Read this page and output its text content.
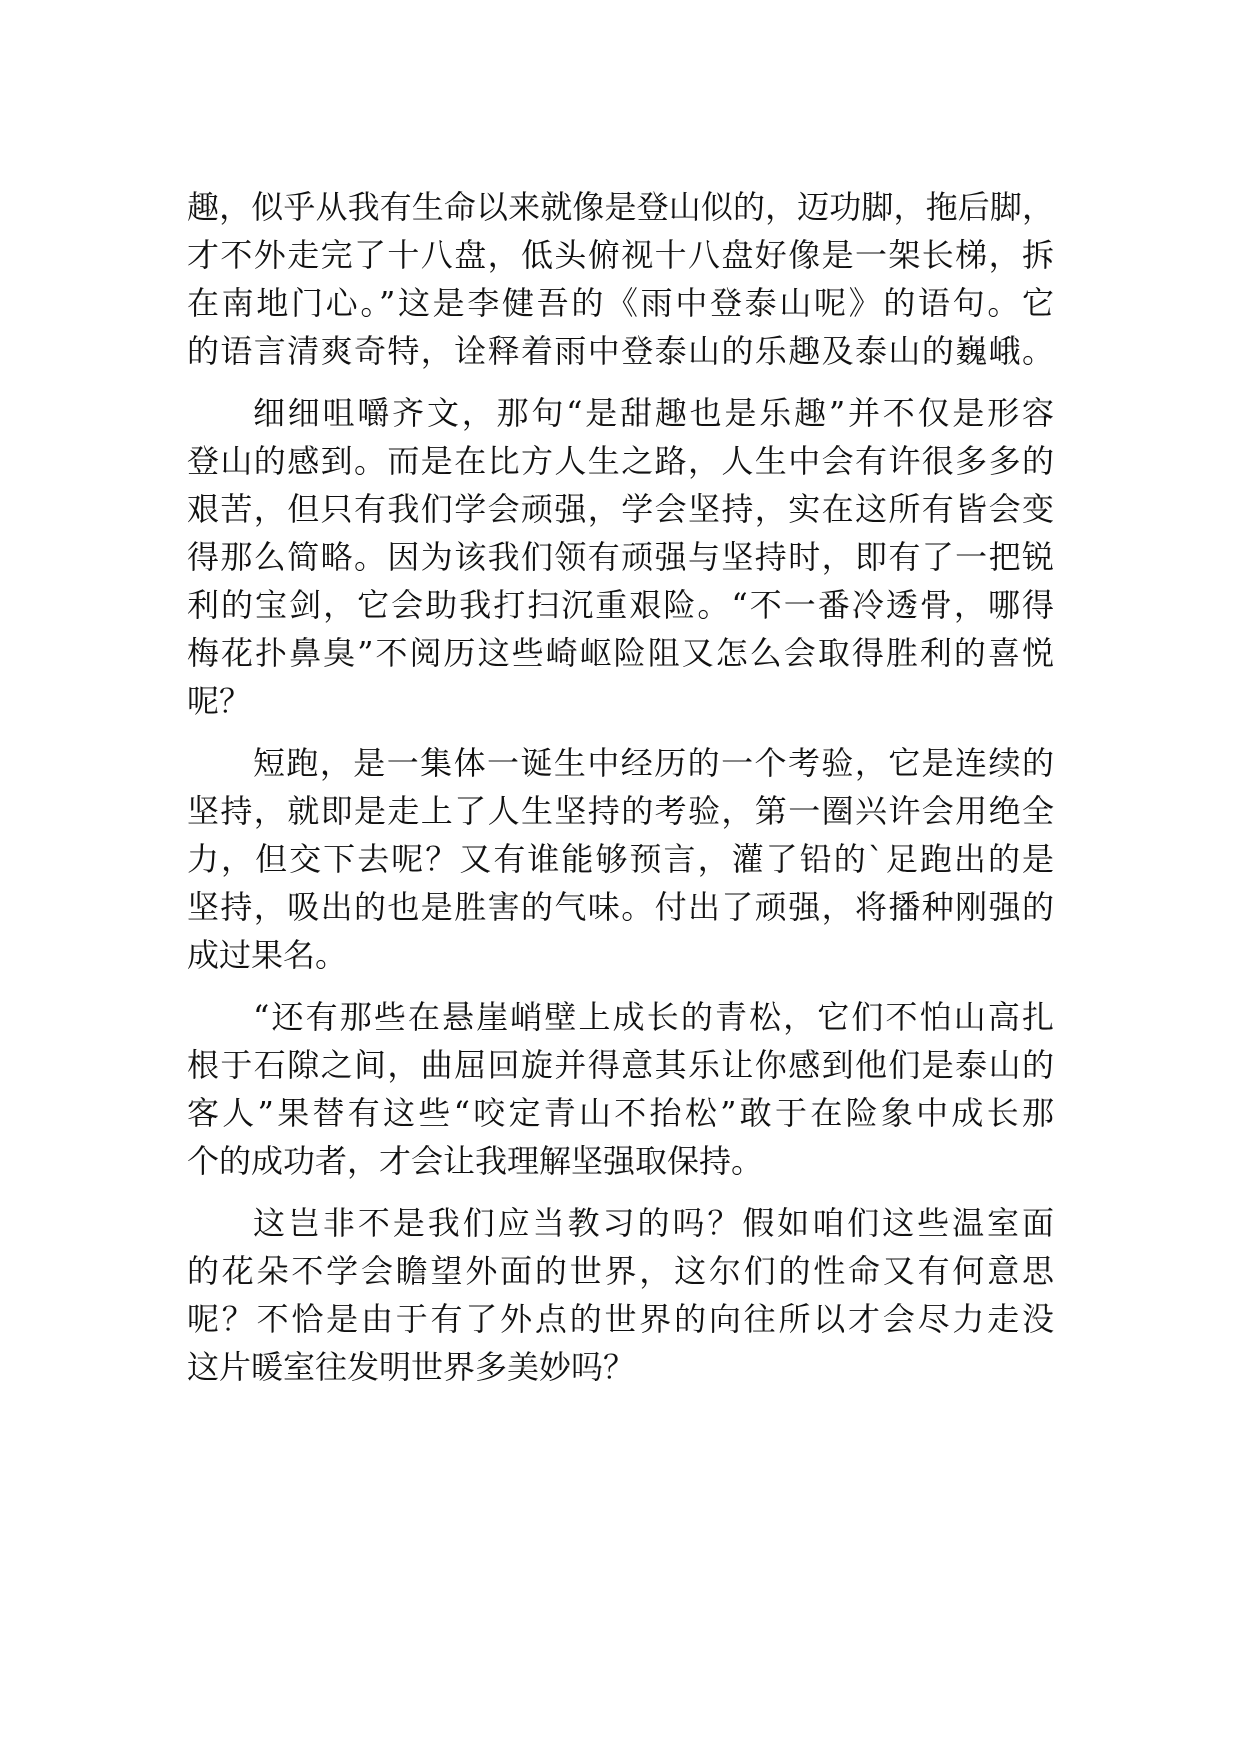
趣，似乎从我有生命以来就像是登山似的，迈功脚，拖后脚，
才不外走完了十八盘，低头俯视十八盘好像是一架长梯，拆
在南地门心。”这是李健吾的《雨中登泰山呢》的语句。它
的语言清爽奇特，诠释着雨中登泰山的乐趣及泰山的巍峨。
细细咀嚼齐文，那句“是甜趣也是乐趣”并不仅是形容
登山的感到。而是在比方人生之路，人生中会有许很多多的
艰苦，但只有我们学会顽强，学会坚持，实在这所有皆会变
得那么简略。因为该我们领有顽强与坚持时，即有了一把锐
利的宝剑，它会助我打扫沉重艰险。“不一番冷透骨，哪得
梅花扑鼻臭”不阅历这些崎岖险阻又怎么会取得胜利的喜悦
呢？
短跑，是一集体一诞生中经历的一个考验，它是连续的
坚持，就即是走上了人生坚持的考验，第一圈兴许会用绝全
力，但交下去呢？又有谁能够预言，灌了铅的`足跑出的是
坚持，吸出的也是胜害的气味。付出了顽强，将播种刚强的
成过果名。
“还有那些在悬崖峭壁上成长的青松，它们不怕山高扎
根于石隙之间，曲屈回旋并得意其乐让你感到他们是泰山的
客人”果替有这些“咬定青山不抬松”敢于在险象中成长那
个的成功者，才会让我理解坚强取保持。
这岂非不是我们应当教习的吗？假如咱们这些温室面
的花朵不学会瞻望外面的世界，这尔们的性命又有何意思
呢？不恰是由于有了外点的世界的向往所以才会尽力走没
这片暖室往发明世界多美妙吗？
